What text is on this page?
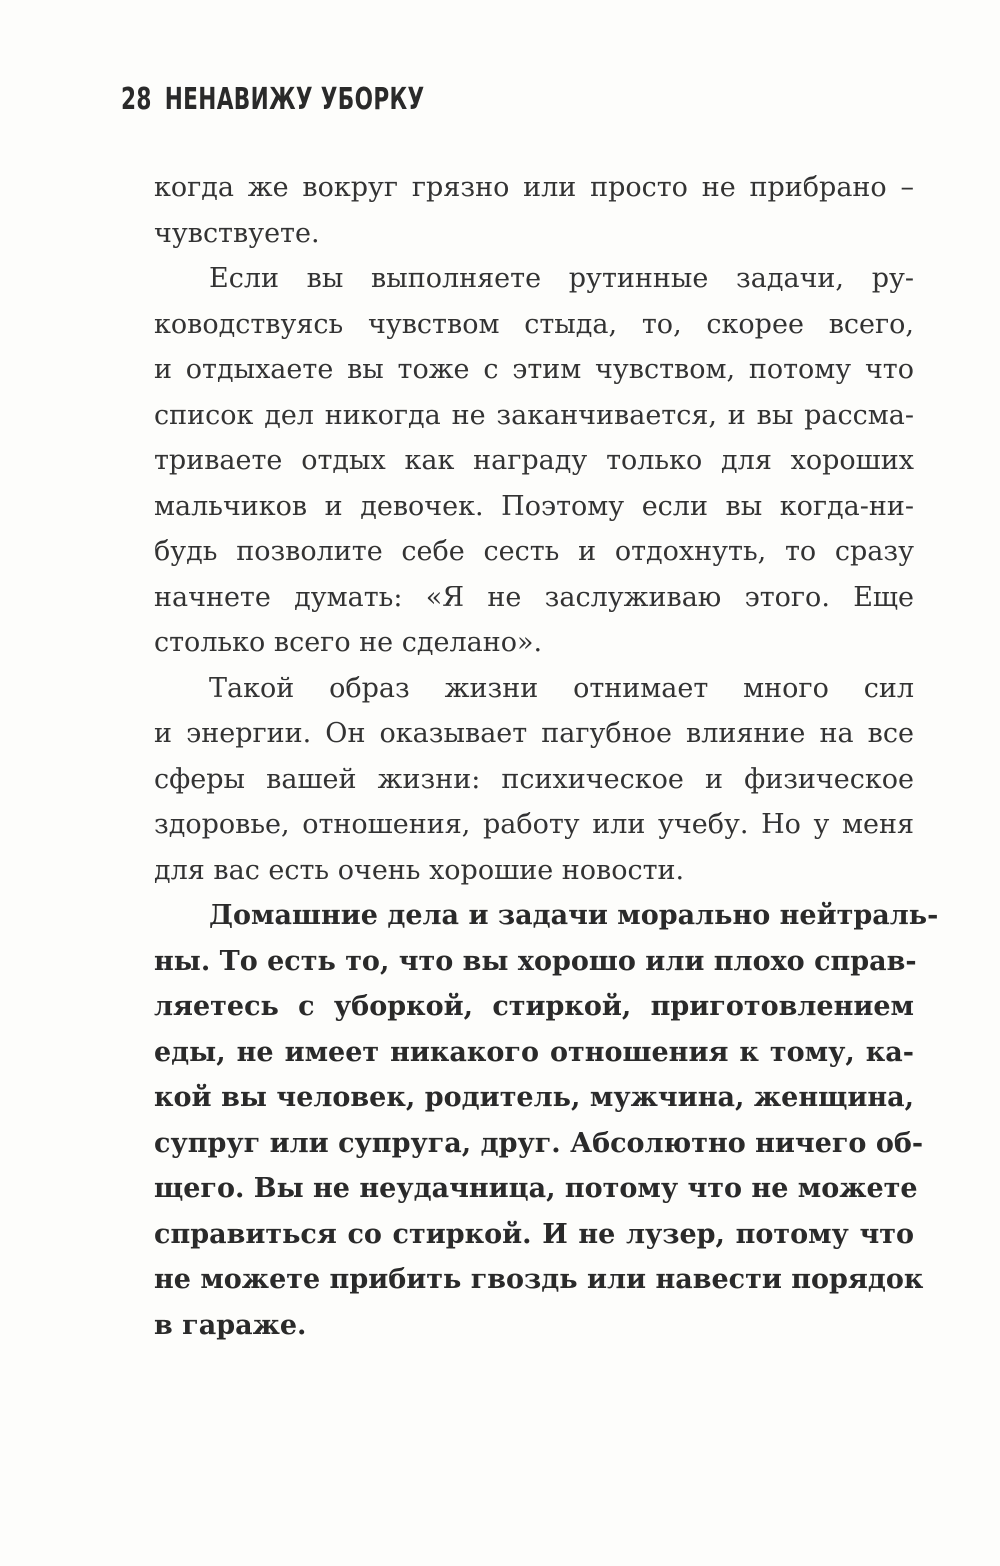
28 НЕНАВИЖУ УБОРКУ
когда же вокруг грязно или просто не прибрано –
чувствуете.
Если вы выполняете рутинные задачи, ру-
ководствуясь чувством стыда, то, скорее всего,
и отдыхаете вы тоже с этим чувством, потому что
список дел никогда не заканчивается, и вы рассма-
триваете отдых как награду только для хороших
мальчиков и девочек. Поэтому если вы когда-ни-
будь позволите себе сесть и отдохнуть, то сразу
начнете думать: «Я не заслуживаю этого. Еще
столько всего не сделано».
Такой образ жизни отнимает много сил
и энергии. Он оказывает пагубное влияние на все
сферы вашей жизни: психическое и физическое
здоровье, отношения, работу или учебу. Но у меня
для вас есть очень хорошие новости.
Домашние дела и задачи морально нейтраль-
ны. То есть то, что вы хорошо или плохо справ-
ляетесь с уборкой, стиркой, приготовлением
еды, не имеет никакого отношения к тому, ка-
кой вы человек, родитель, мужчина, женщина,
супруг или супруга, друг. Абсолютно ничего об-
щего. Вы не неудачница, потому что не можете
справиться со стиркой. И не лузер, потому что
не можете прибить гвоздь или навести порядок
в гараже.
